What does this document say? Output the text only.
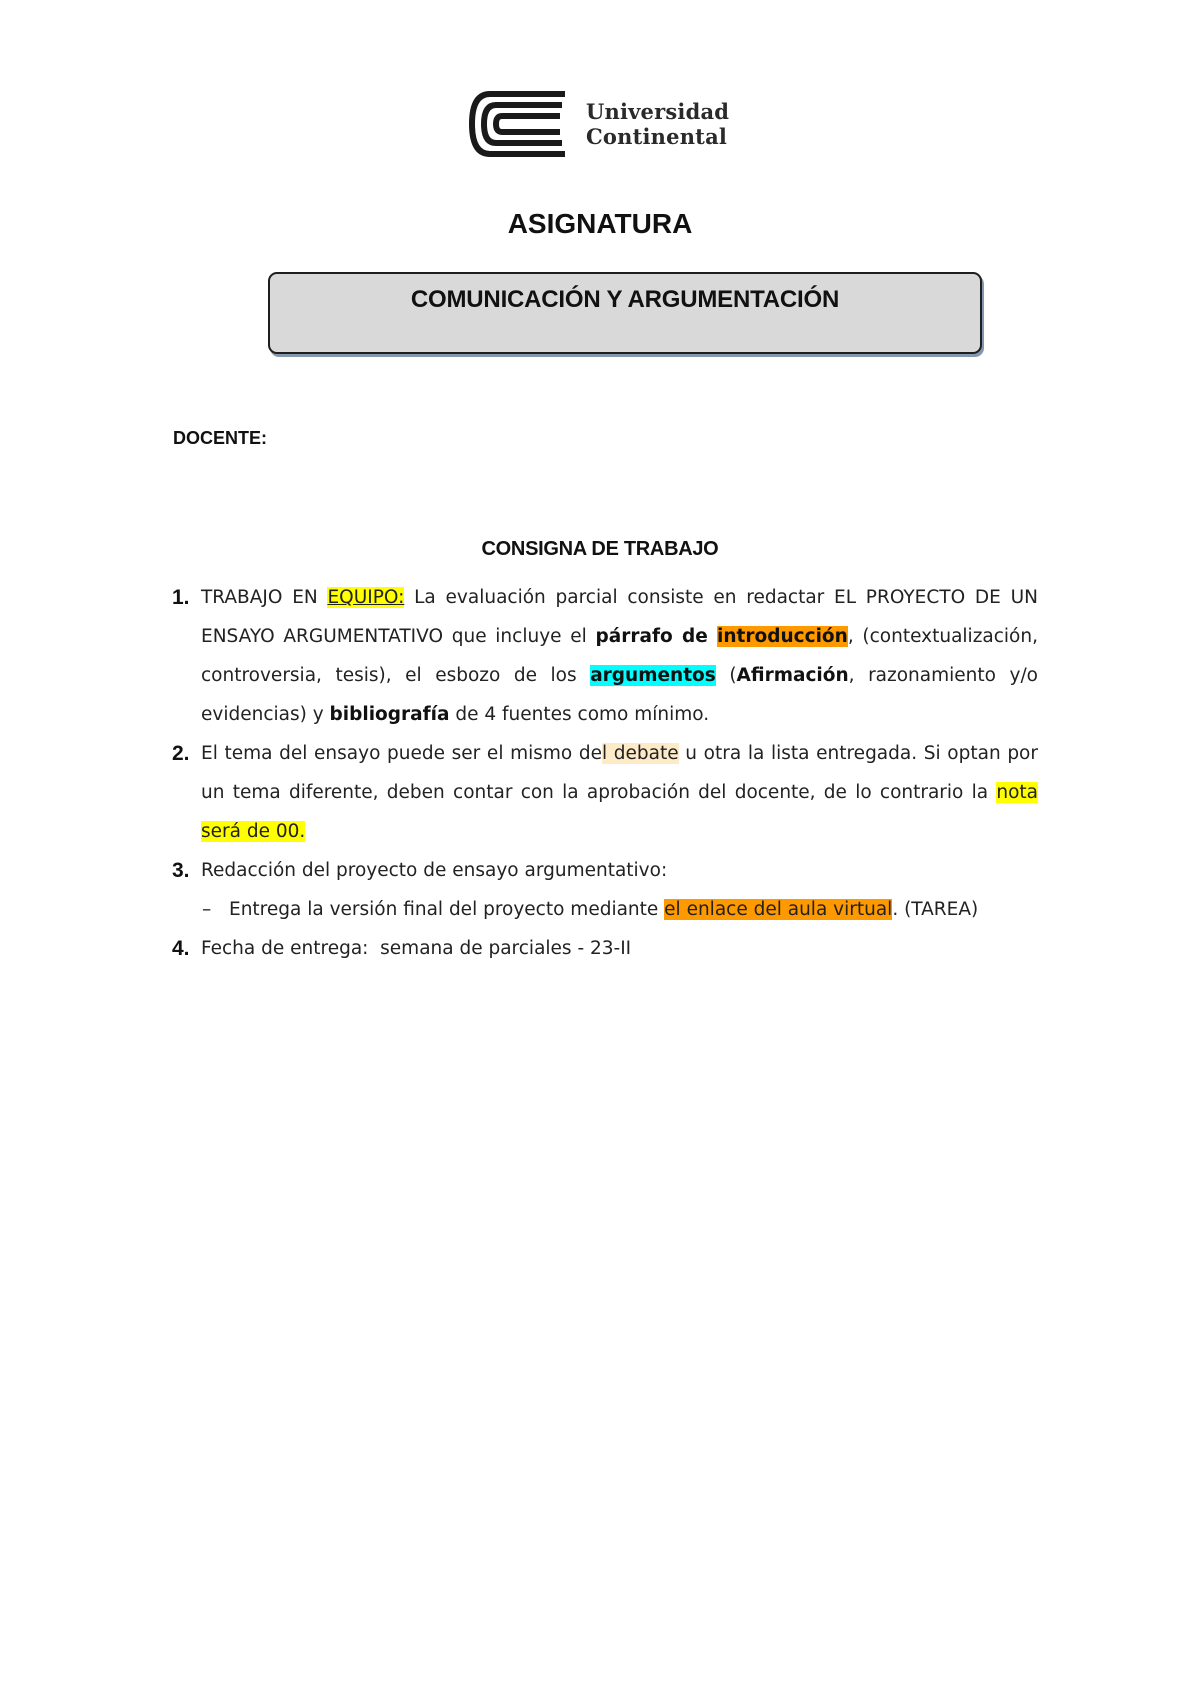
Universidad
Continental
ASIGNATURA
COMUNICACIÓN Y ARGUMENTACIÓN
DOCENTE:
CONSIGNA DE TRABAJO
1. TRABAJO EN EQUIPO: La evaluación parcial consiste en redactar EL PROYECTO DE UN ENSAYO ARGUMENTATIVO que incluye el párrafo de introducción, (contextualización, controversia, tesis), el esbozo de los argumentos (Afirmación, razonamiento y/o evidencias) y bibliografía de 4 fuentes como mínimo.
2. El tema del ensayo puede ser el mismo del debate u otra la lista entregada. Si optan por un tema diferente, deben contar con la aprobación del docente, de lo contrario la nota será de 00.
3. Redacción del proyecto de ensayo argumentativo:
– Entrega la versión final del proyecto mediante el enlace del aula virtual. (TAREA)
4. Fecha de entrega:  semana de parciales - 23-II
